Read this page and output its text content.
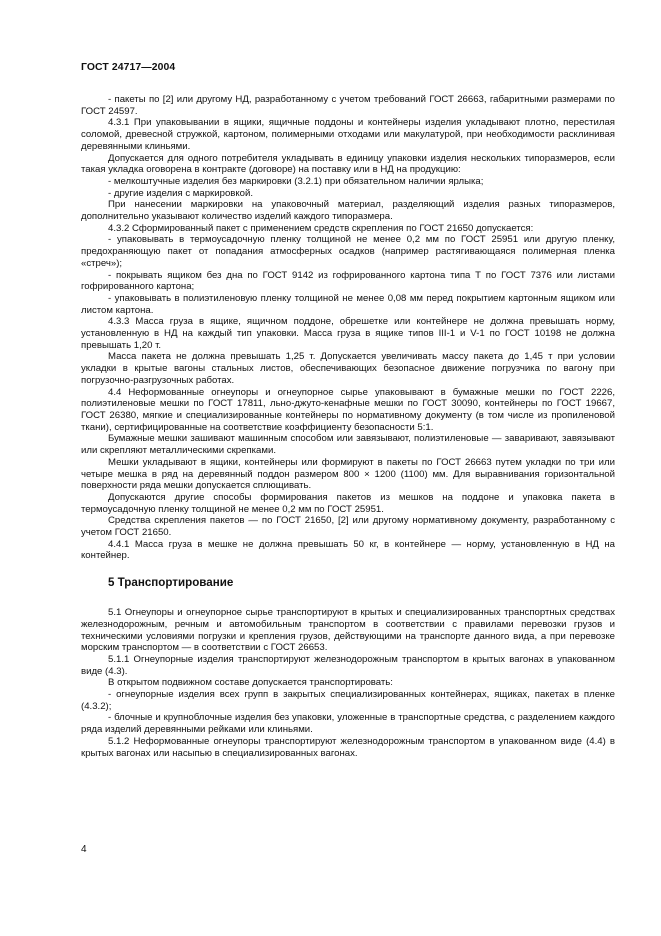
ГОСТ 24717—2004

- пакеты по [2] или другому НД, разработанному с учетом требований ГОСТ 26663, габаритными размерами по ГОСТ 24597.

4.3.1 При упаковывании в ящики, ящичные поддоны и контейнеры изделия укладывают плотно, перестилая соломой, древесной стружкой, картоном, полимерными отходами или макулатурой, при необходимости расклинивая деревянными клиньями.

Допускается для одного потребителя укладывать в единицу упаковки изделия нескольких типоразмеров, если такая укладка оговорена в контракте (договоре) на поставку или в НД на продукцию:

- мелкоштучные изделия без маркировки (3.2.1) при обязательном наличии ярлыка;

- другие изделия с маркировкой.

При нанесении маркировки на упаковочный материал, разделяющий изделия разных типоразмеров, дополнительно указывают количество изделий каждого типоразмера.

4.3.2 Сформированный пакет с применением средств скрепления по ГОСТ 21650 допускается:

- упаковывать в термоусадочную пленку толщиной не менее 0,2 мм по ГОСТ 25951 или другую пленку, предохраняющую пакет от попадания атмосферных осадков (например растягивающаяся полимерная пленка «стреч»);

- покрывать ящиком без дна по ГОСТ 9142 из гофрированного картона типа Т по ГОСТ 7376 или листами гофрированного картона;

- упаковывать в полиэтиленовую пленку толщиной не менее 0,08 мм перед покрытием картонным ящиком или листом картона.

4.3.3 Масса груза в ящике, ящичном поддоне, обрешетке или контейнере не должна превышать норму, установленную в НД на каждый тип упаковки. Масса груза в ящике типов III-1 и V-1 по ГОСТ 10198 не должна превышать 1,20 т.

Масса пакета не должна превышать 1,25 т. Допускается увеличивать массу пакета до 1,45 т при условии укладки в крытые вагоны стальных листов, обеспечивающих безопасное движение погрузчика по вагону при погрузочно-разгрузочных работах.

4.4 Неформованные огнеупоры и огнеупорное сырье упаковывают в бумажные мешки по ГОСТ 2226, полиэтиленовые мешки по ГОСТ 17811, льно-джуто-кенафные мешки по ГОСТ 30090, контейнеры по ГОСТ 19667, ГОСТ 26380, мягкие и специализированные контейнеры по нормативному документу (в том числе из пропиленовой ткани), сертифицированные на соответствие коэффициенту безопасности 5:1.

Бумажные мешки зашивают машинным способом или завязывают, полиэтиленовые — заваривают, завязывают или скрепляют металлическими скрепками.

Мешки укладывают в ящики, контейнеры или формируют в пакеты по ГОСТ 26663 путем укладки по три или четыре мешка в ряд на деревянный поддон размером 800 × 1200 (1100) мм. Для выравнивания горизонтальной поверхности ряда мешки допускается сплющивать.

Допускаются другие способы формирования пакетов из мешков на поддоне и упаковка пакета в термоусадочную пленку толщиной не менее 0,2 мм по ГОСТ 25951.

Средства скрепления пакетов — по ГОСТ 21650, [2] или другому нормативному документу, разработанному с учетом ГОСТ 21650.

4.4.1 Масса груза в мешке не должна превышать 50 кг, в контейнере — норму, установленную в НД на контейнер.

5 Транспортирование

5.1 Огнеупоры и огнеупорное сырье транспортируют в крытых и специализированных транспортных средствах железнодорожным, речным и автомобильным транспортом в соответствии с правилами перевозки грузов и техническими условиями погрузки и крепления грузов, действующими на транспорте данного вида, а при перевозке морским транспортом — в соответствии с ГОСТ 26653.

5.1.1 Огнеупорные изделия транспортируют железнодорожным транспортом в крытых вагонах в упакованном виде (4.3).

В открытом подвижном составе допускается транспортировать:

- огнеупорные изделия всех групп в закрытых специализированных контейнерах, ящиках, пакетах в пленке (4.3.2);

- блочные и крупноблочные изделия без упаковки, уложенные в транспортные средства, с разделением каждого ряда изделий деревянными рейками или клиньями.

5.1.2 Неформованные огнеупоры транспортируют железнодорожным транспортом в упакованном виде (4.4) в крытых вагонах или насыпью в специализированных вагонах.

4
